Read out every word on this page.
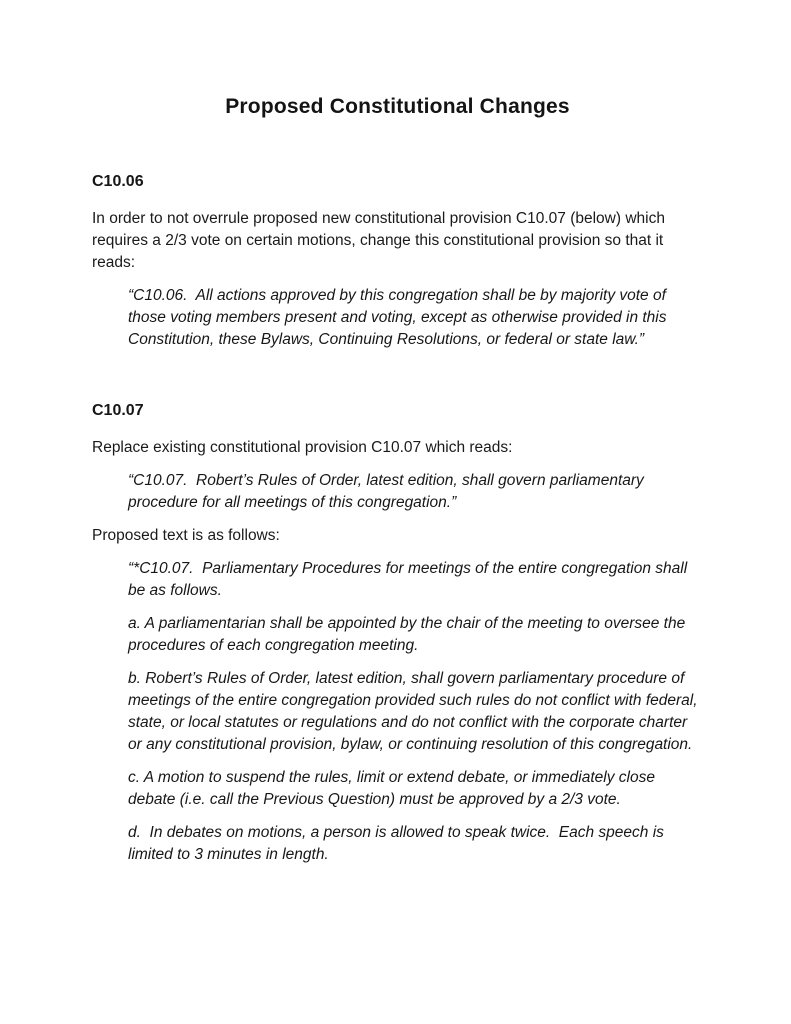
Proposed Constitutional Changes
C10.06

In order to not overrule proposed new constitutional provision C10.07 (below) which requires a 2/3 vote on certain motions, change this constitutional provision so that it reads:

“C10.06.  All actions approved by this congregation shall be by majority vote of those voting members present and voting, except as otherwise provided in this Constitution, these Bylaws, Continuing Resolutions, or federal or state law.”

C10.07

Replace existing constitutional provision C10.07 which reads:

“C10.07.  Robert’s Rules of Order, latest edition, shall govern parliamentary procedure for all meetings of this congregation.”

Proposed text is as follows:

“*C10.07.  Parliamentary Procedures for meetings of the entire congregation shall be as follows.

a. A parliamentarian shall be appointed by the chair of the meeting to oversee the procedures of each congregation meeting.

b. Robert’s Rules of Order, latest edition, shall govern parliamentary procedure of meetings of the entire congregation provided such rules do not conflict with federal, state, or local statutes or regulations and do not conflict with the corporate charter or any constitutional provision, bylaw, or continuing resolution of this congregation.

c. A motion to suspend the rules, limit or extend debate, or immediately close debate (i.e. call the Previous Question) must be approved by a 2/3 vote.

d.  In debates on motions, a person is allowed to speak twice.  Each speech is limited to 3 minutes in length.
